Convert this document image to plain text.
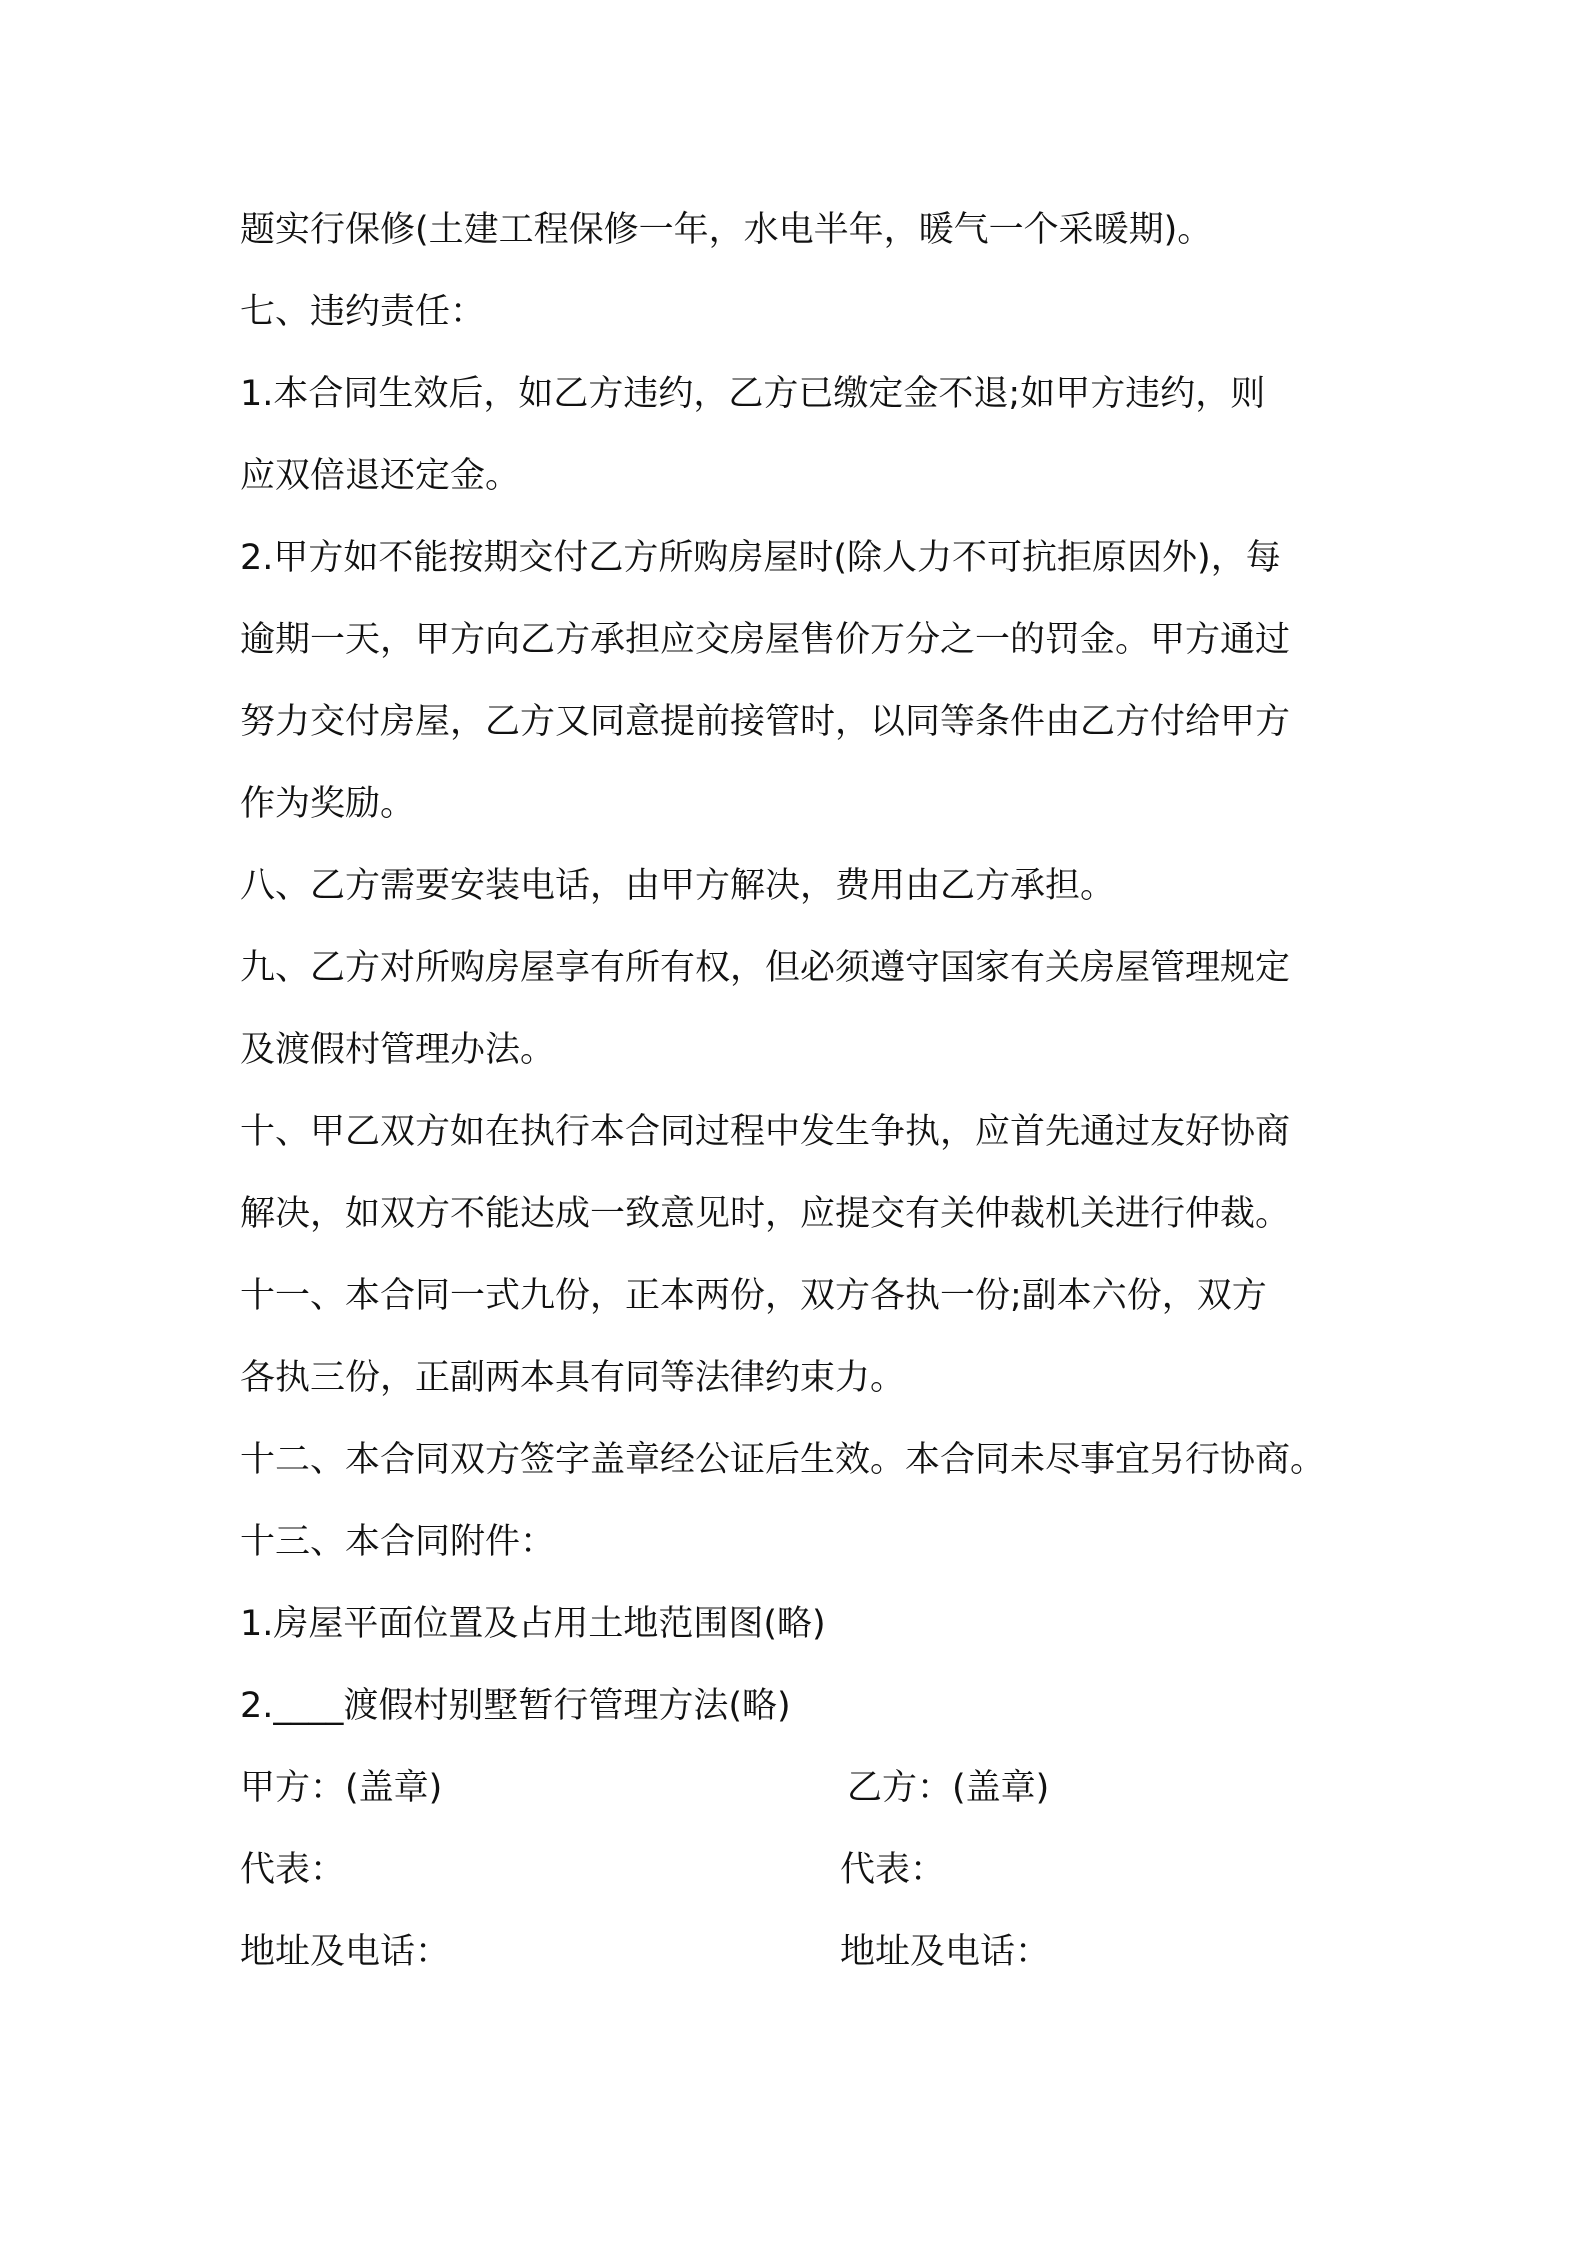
题实行保修(土建工程保修一年，水电半年，暖气一个采暖期)。
七、违约责任：
1.本合同生效后，如乙方违约，乙方已缴定金不退;如甲方违约，则
应双倍退还定金。
2.甲方如不能按期交付乙方所购房屋时(除人力不可抗拒原因外)，每
逾期一天，甲方向乙方承担应交房屋售价万分之一的罚金。甲方通过
努力交付房屋，乙方又同意提前接管时，以同等条件由乙方付给甲方
作为奖励。
八、乙方需要安装电话，由甲方解决，费用由乙方承担。
九、乙方对所购房屋享有所有权，但必须遵守国家有关房屋管理规定
及渡假村管理办法。
十、甲乙双方如在执行本合同过程中发生争执，应首先通过友好协商
解决，如双方不能达成一致意见时，应提交有关仲裁机关进行仲裁。
十一、本合同一式九份，正本两份，双方各执一份;副本六份，双方
各执三份，正副两本具有同等法律约束力。
十二、本合同双方签字盖章经公证后生效。本合同未尽事宜另行协商。
十三、本合同附件：
1.房屋平面位置及占用土地范围图(略)
2.____渡假村别墅暂行管理方法(略)
甲方：(盖章)	乙方：(盖章)
代表：	代表：
地址及电话：	地址及电话：
